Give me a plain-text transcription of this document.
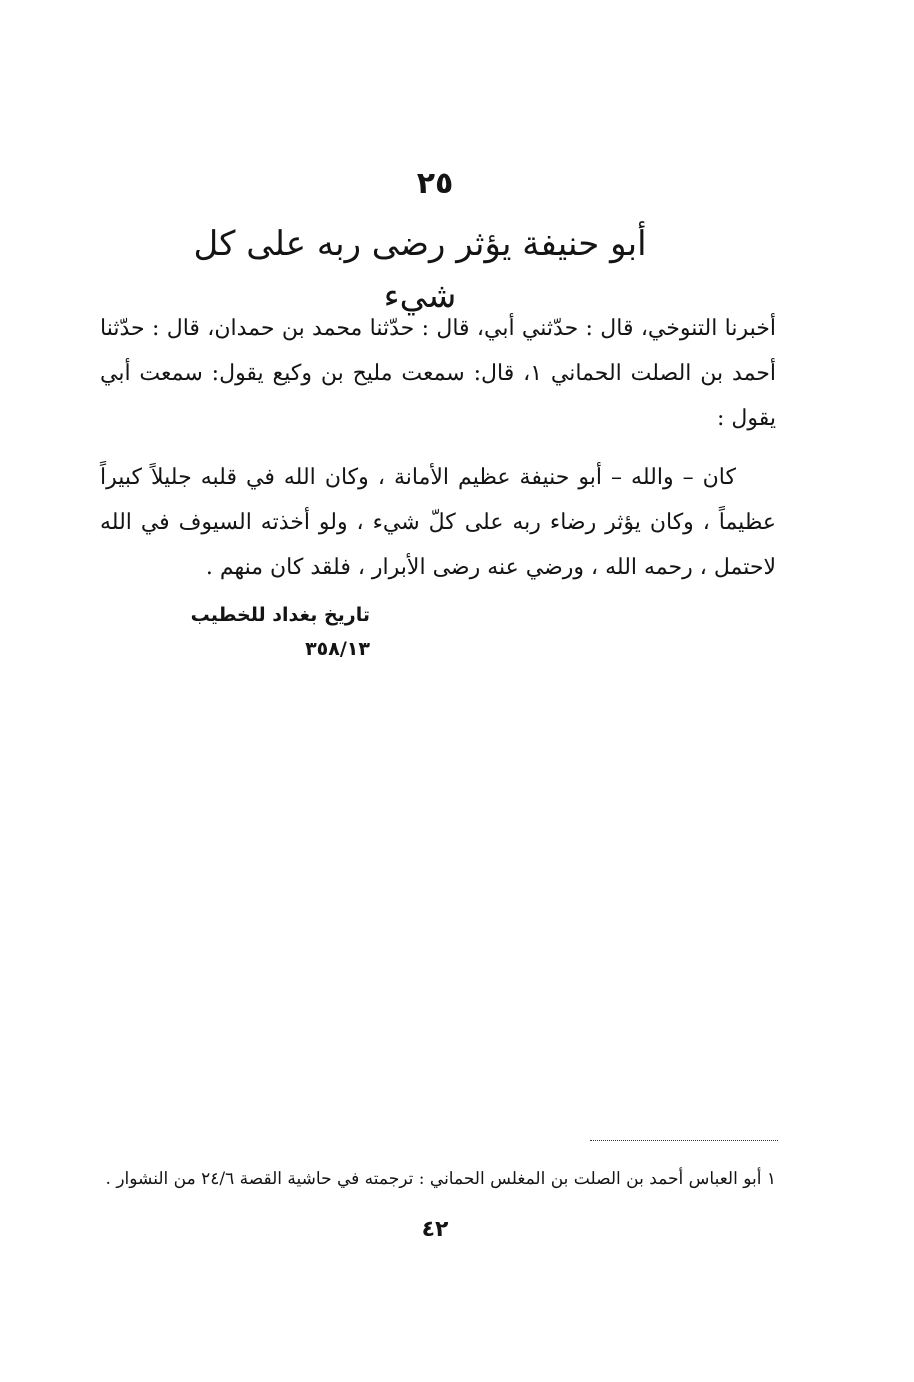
٢٥
أبو حنيفة يؤثر رضى ربه على كل شيء

أخبرنا التنوخي، قال : حدّثني أبي، قال : حدّثنا محمد بن حمدان، قال : حدّثنا أحمد بن الصلت الحماني ١، قال: سمعت مليح بن وكيع يقول: سمعت أبي يقول :

كان – والله – أبو حنيفة عظيم الأمانة ، وكان الله في قلبه جليلاً كبيراً عظيماً ، وكان يؤثر رضاء ربه على كلّ شيء ، ولو أخذته السيوف في الله لاحتمل ، رحمه الله ، ورضي عنه رضى الأبرار ، فلقد كان منهم .

تاريخ بغداد للخطيب ٣٥٨/١٣
١ أبو العباس أحمد بن الصلت بن المغلس الحماني : ترجمته في حاشية القصة ٢٤/٦ من النشوار .
٤٢
